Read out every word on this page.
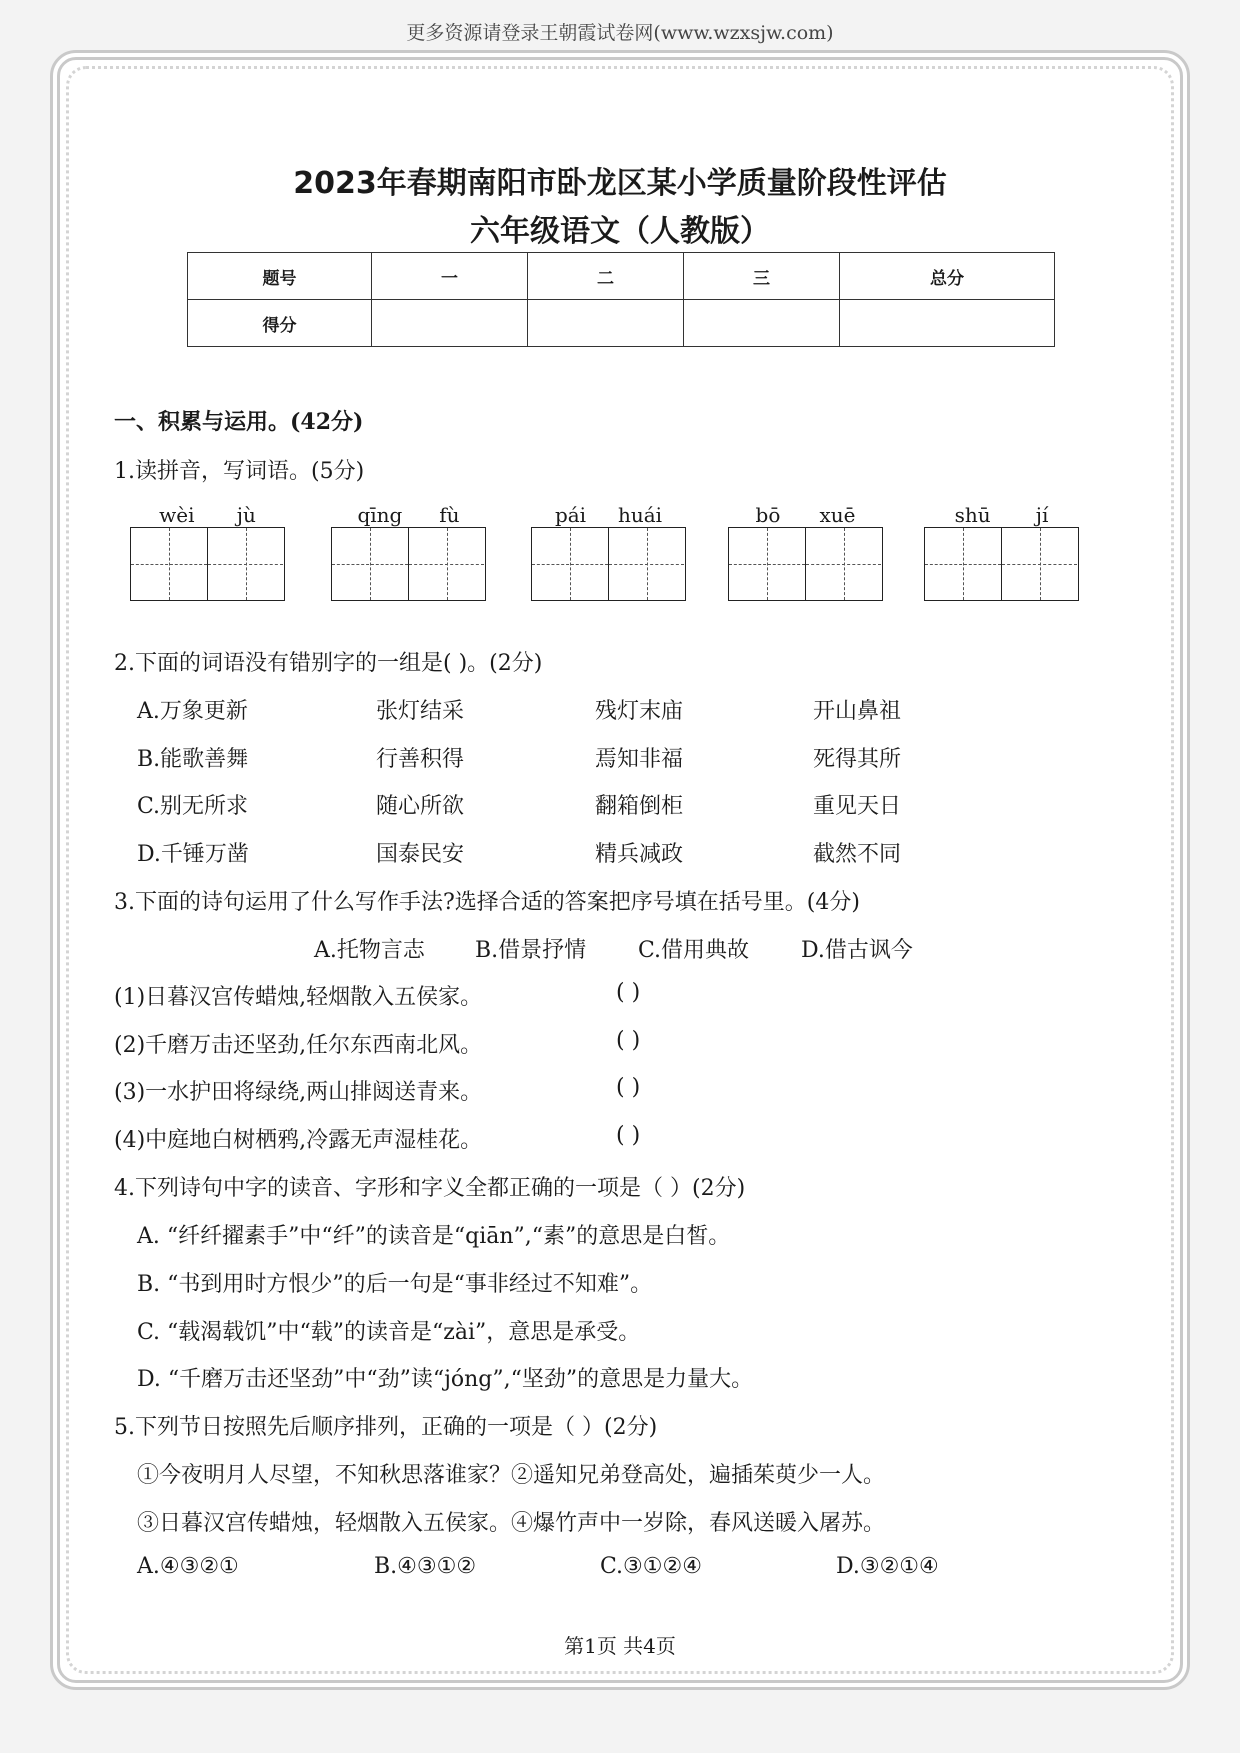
更多资源请登录王朝霞试卷网(www.wzxsjw.com)
2023年春期南阳市卧龙区某小学质量阶段性评估
六年级语文（人教版）
题号	一	二	三	总分
得分				
一、积累与运用。(42分)
1.读拼音，写词语。(5分)
wèi jù	qīng fù	pái huái	bō xuē	shū jí
2.下面的词语没有错别字的一组是( )。(2分)
A.万象更新	张灯结采	残灯末庙	开山鼻祖
B.能歌善舞	行善积得	焉知非福	死得其所
C.别无所求	随心所欲	翻箱倒柜	重见天日
D.千锤万凿	国泰民安	精兵减政	截然不同
3.下面的诗句运用了什么写作手法?选择合适的答案把序号填在括号里。(4分)
A.托物言志 B.借景抒情 C.借用典故 D.借古讽今
(1)日暮汉宫传蜡烛,轻烟散入五侯家。	( )
(2)千磨万击还坚劲,任尔东西南北风。	( )
(3)一水护田将绿绕,两山排闼送青来。	( )
(4)中庭地白树栖鸦,冷露无声湿桂花。	( )
4.下列诗句中字的读音、字形和字义全都正确的一项是（ ）(2分)
A. “纤纤擢素手”中“纤”的读音是“qiān”,“素”的意思是白皙。
B. “书到用时方恨少”的后一句是“事非经过不知难”。
C. “载渴载饥”中“载”的读音是“zài”，意思是承受。
D. “千磨万击还坚劲”中“劲”读“jóng”,“坚劲”的意思是力量大。
5.下列节日按照先后顺序排列，正确的一项是（ ）(2分)
①今夜明月人尽望，不知秋思落谁家？②遥知兄弟登高处，遍插茱萸少一人。
③日暮汉宫传蜡烛，轻烟散入五侯家。④爆竹声中一岁除，春风送暖入屠苏。
A.④③②①	B.④③①②	C.③①②④	D.③②①④
第1页 共4页
